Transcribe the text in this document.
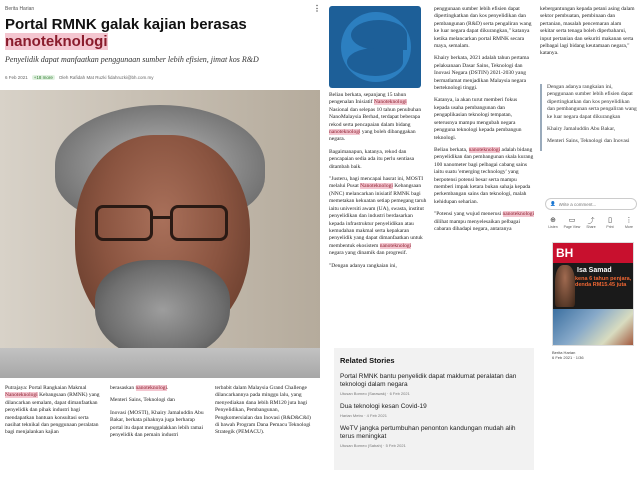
Berita Harian	⋮
Portal RMNK galak kajian berasas
nanoteknologi
Penyelidik dapat manfaatkan penggunaan sumber lebih efisien, jimat kos R&D
6 Feb 2021	+18 more	Oleh Rafidah Mat Ruzki fidahruzki@bh.com.my

Putrajaya: Portal Rangkaian Makmal Nanoteknologi Kebangsaan (RMNK) yang dilancarkan semalam, dapat dimanfaatkan penyelidik dan pihak industri bagi mendapatkan bantuan konsultasi serta nasihat teknikal dan penggunaan peralatan bagi menjalankan kajian

berasaskan nanoteknologi.

Menteri Sains, Teknologi dan

Inovasi (MOSTI), Khairy Jamaluddin Abu Bakar, berkata pihaknya juga berharap portal itu dapat menggalakkan lebih ramai penyelidik dan pemain industri

terbabit dalam Malaysia Grand Challenge dilancarkannya pada minggu lalu, yang menyediakan dana lebih RM120 juta bagi Penyelidikan, Pembangunan, Pengkomersialan dan Inovasi (R&D&C&I) di bawah Program Dana Pemacu Teknologi Strategik (PEMACU).

Beliau berkata, sepanjang 15 tahun pengenalan Inisiatif Nanoteknologi Nasional dan selepas 10 tahun penubuhan NanoMalaysia Berhad, terdapat beberapa rekod serta pencapaian dalam bidang nanoteknologi yang boleh dibanggakan negara.

Bagaimanapun, katanya, rekod dan pencapaian sedia ada itu perlu sentiasa ditambah baik.

"Justeru, bagi mencapai hasrat ini, MOSTI melalui Pusat Nanoteknologi Kebangsaan (NNC) melancarkan inisiatif RMNK bagi memetakan kekuatan setiap pemegang taruh iaitu universiti awam (UA), swasta, institut penyelidikan dan industri berdasarkan kepada infrastruktur penyelidikan atau kemudahan makmal serta kepakaran penyelidik yang dapat dimanfaatkan untuk membentuk ekosistem nanoteknologi negara yang dinamik dan progresif.

"Dengan adanya rangkaian ini,

penggunaan sumber lebih efisien dapat dipertingkatkan dan kos penyelidikan dan pembangunan (R&D) serta pengaliran wang ke luar negara dapat dikurangkan," katanya ketika melancarkan portal RMNK secara maya, semalam.

Khairy berkata, 2021 adalah tahun pertama pelaksanaan Dasar Sains, Teknologi dan Inovasi Negara (DSTIN) 2021-2030 yang bermatlamat menjadikan Malaysia negara berteknologi tinggi.

Katanya, ia akan turut memberi fokus kepada usaha pembangunan dan pengaplikasian teknologi tempatan, seterusnya mampu mengubah negara pengguna teknologi kepada pembangun teknologi.

Beliau berkata, nanoteknologi adalah bidang penyelidikan dan pembangunan skala kurang 100 nanometer bagi pelbagai cabang sains iaitu suatu 'emerging technology' yang berpotensi potensi besar serta mampu memberi impak ketara bukan sahaja kepada perkembangan sains dan teknologi, malah kehidupan seharian.

"Potensi yang wujud menerusi nanoteknologi dilihat mampu menyelesaikan pelbagai cabaran dihadapi negara, antaranya

Related Stories
Portal RMNK bantu penyelidik dapat maklumat peralatan dan teknologi dalam negara
Utusan Borneo (Sarawak) · 6 Feb 2021
Dua teknologi kesan Covid-19
Harian Metro · 4 Feb 2021
WeTV jangka pertumbuhan penonton kandungan mudah alih terus meningkat
Utusan Borneo (Sabah) · 5 Feb 2021
kebergantungan kepada petani asing dalam sektor pembuatan, pembinaan dan pertanian, masalah pencemaran alam sekitar serta tenaga boleh diperbaharui, input pertanian dan sekuriti makanan serta pelbagai lagi bidang keutamaan negara," katanya.

Dengan adanya rangkaian ini, penggunaan sumber lebih efisien dapat dipertingkatkan dan kos penyelidikan dan pembangunan serta pengaliran wang ke luar negara dapat dikurangkan

Khairy Jamaluddin Abu Bakar,

Menteri Sains, Teknologi dan Inovasi

👤
Write a comment...
⊕
Listen
▭
Page View
⤴
Share
▯
Print
⋮
More
BH
Isa Samad
kena 6 tahun penjara, denda RM15.45 juta
Berita Harian
6 Feb 2021 · 1/36
